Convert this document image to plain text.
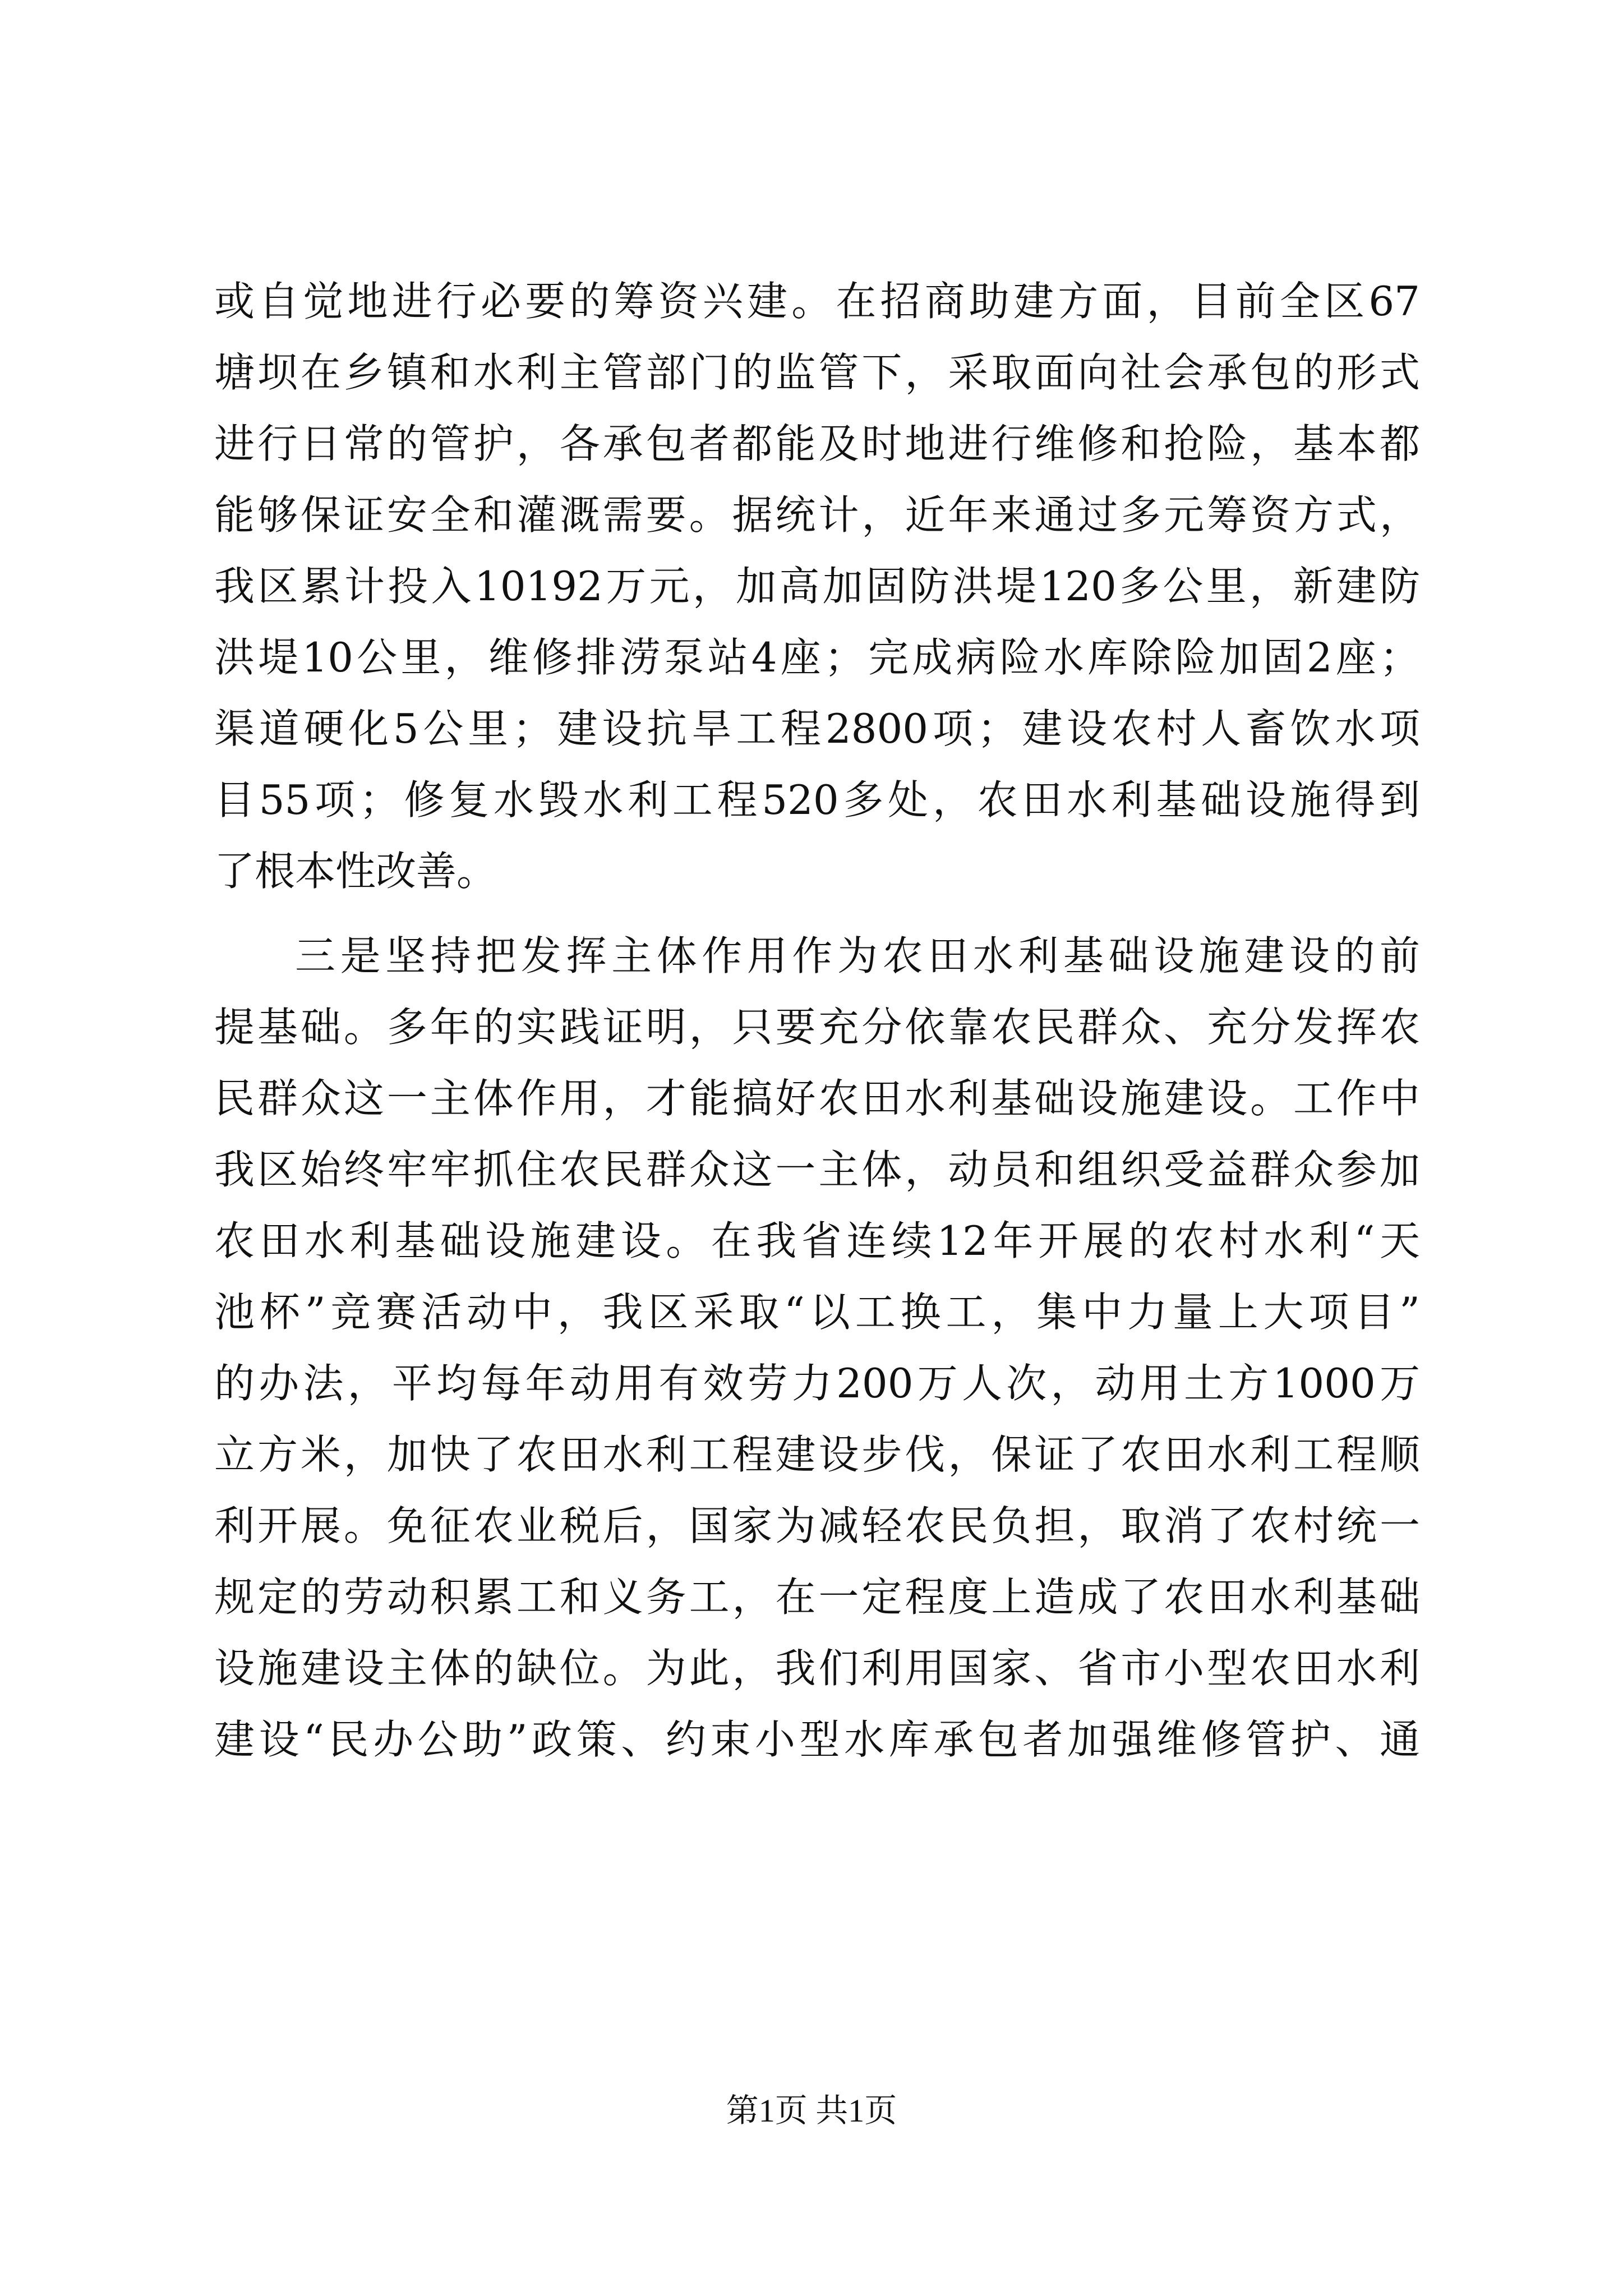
或自觉地进行必要的筹资兴建。在招商助建方面，目前全区67
塘坝在乡镇和水利主管部门的监管下，采取面向社会承包的形式
进行日常的管护，各承包者都能及时地进行维修和抢险，基本都
能够保证安全和灌溉需要。据统计，近年来通过多元筹资方式，
我区累计投入10192万元，加高加固防洪堤120多公里，新建防
洪堤10公里，维修排涝泵站4座；完成病险水库除险加固2座；
渠道硬化5公里；建设抗旱工程2800项；建设农村人畜饮水项
目55项；修复水毁水利工程520多处，农田水利基础设施得到
了根本性改善。
三是坚持把发挥主体作用作为农田水利基础设施建设的前
提基础。多年的实践证明，只要充分依靠农民群众、充分发挥农
民群众这一主体作用，才能搞好农田水利基础设施建设。工作中
我区始终牢牢抓住农民群众这一主体，动员和组织受益群众参加
农田水利基础设施建设。在我省连续12年开展的农村水利“天
池杯”竞赛活动中，我区采取“以工换工，集中力量上大项目”
的办法，平均每年动用有效劳力200万人次，动用土方1000万
立方米，加快了农田水利工程建设步伐，保证了农田水利工程顺
利开展。免征农业税后，国家为减轻农民负担，取消了农村统一
规定的劳动积累工和义务工，在一定程度上造成了农田水利基础
设施建设主体的缺位。为此，我们利用国家、省市小型农田水利
建设“民办公助”政策、约束小型水库承包者加强维修管护、通
第1页 共1页
